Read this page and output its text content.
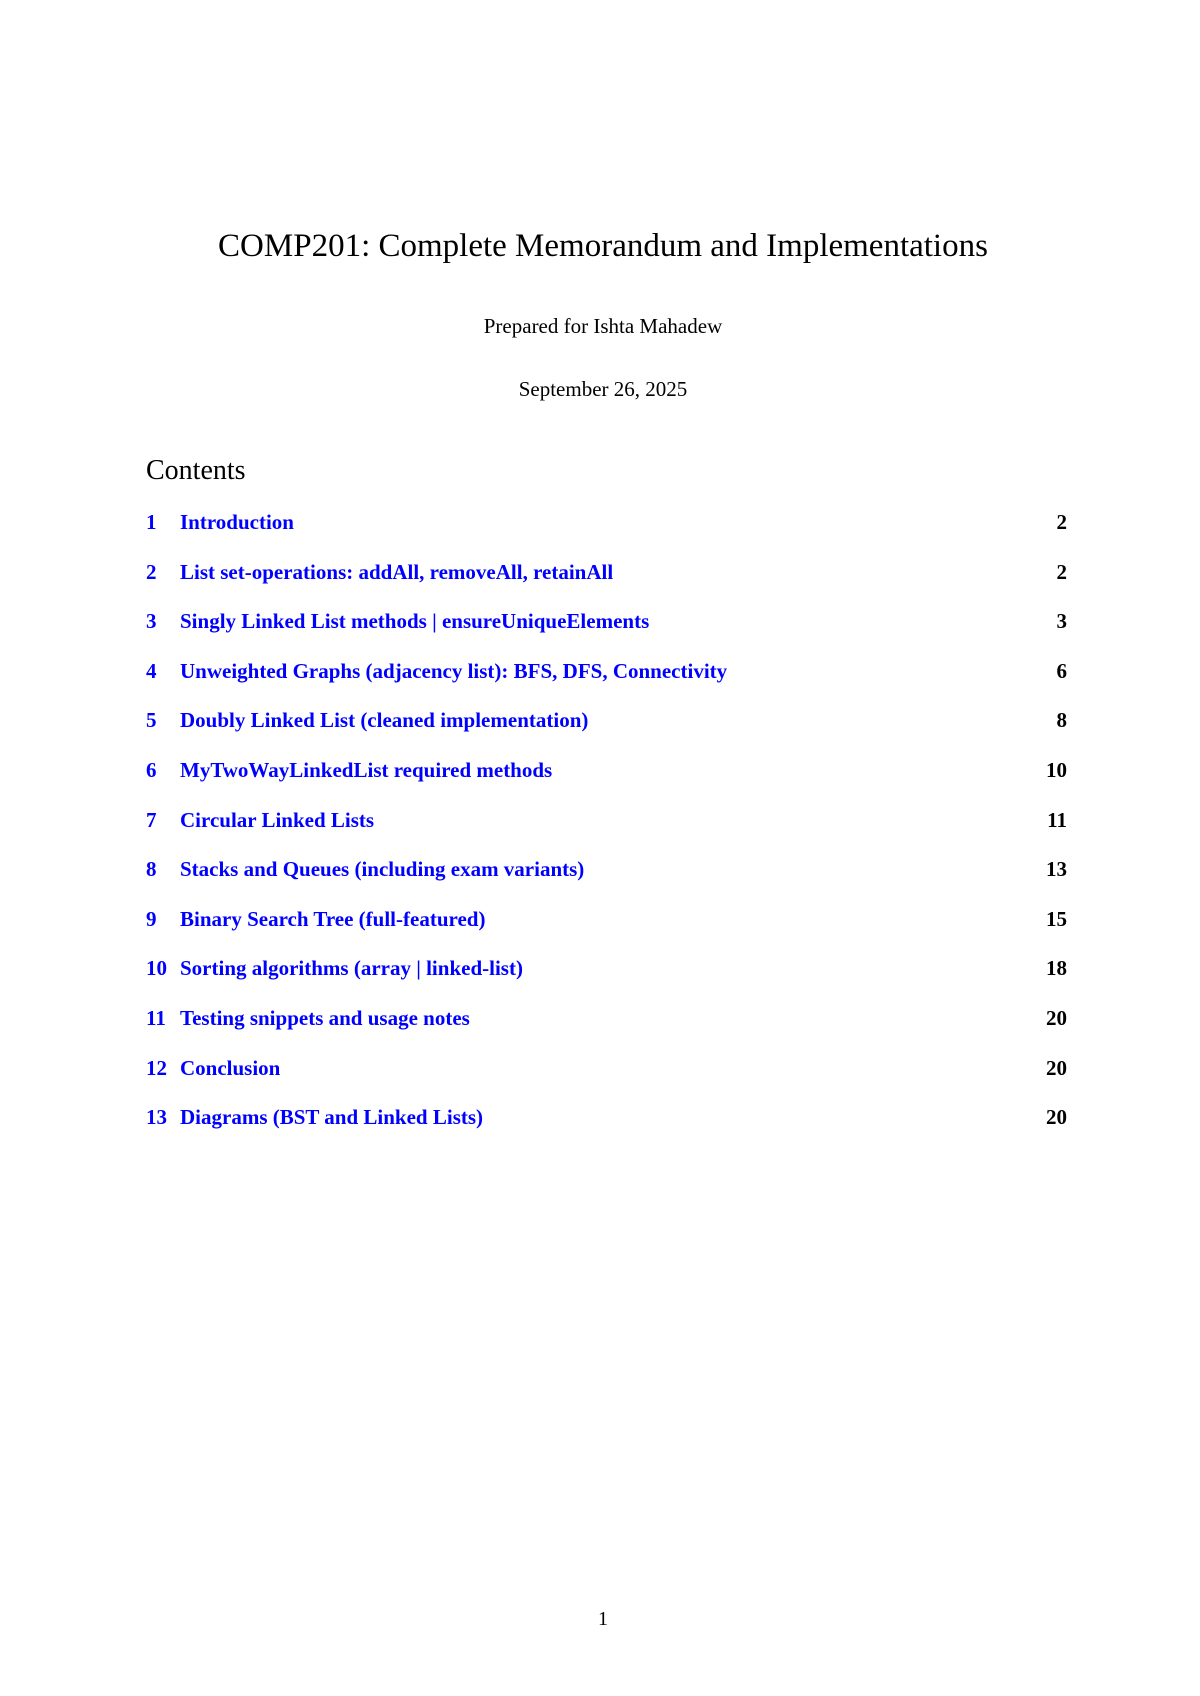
COMP201: Complete Memorandum and Implementations
Prepared for Ishta Mahadew
September 26, 2025
Contents
1	Introduction	2
2	List set-operations: addAll, removeAll, retainAll	2
3	Singly Linked List methods | ensureUniqueElements	3
4	Unweighted Graphs (adjacency list): BFS, DFS, Connectivity	6
5	Doubly Linked List (cleaned implementation)	8
6	MyTwoWayLinkedList required methods	10
7	Circular Linked Lists	11
8	Stacks and Queues (including exam variants)	13
9	Binary Search Tree (full-featured)	15
10 Sorting algorithms (array | linked-list)	18
11 Testing snippets and usage notes	20
12 Conclusion	20
13 Diagrams (BST and Linked Lists)	20
1
